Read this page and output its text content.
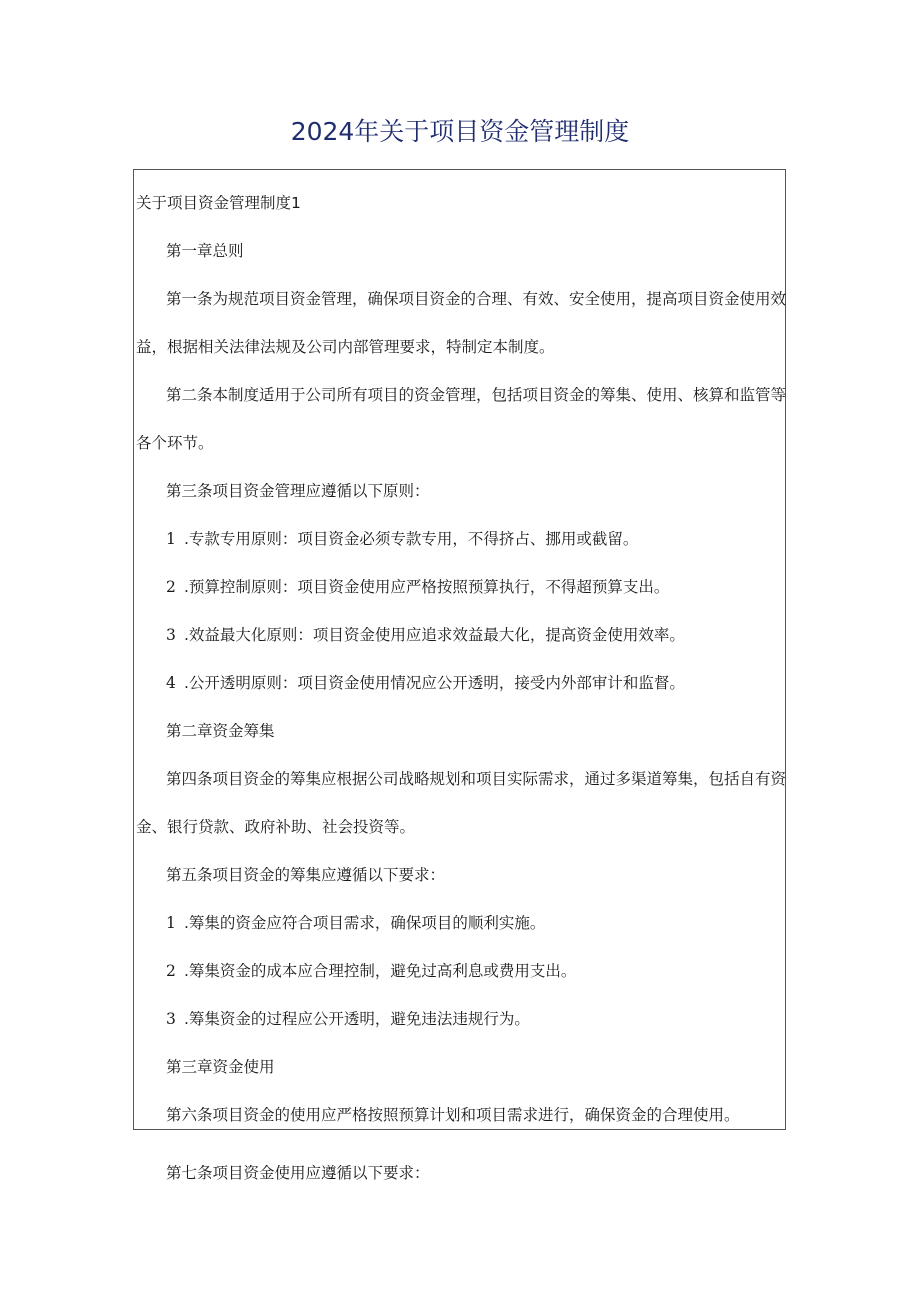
2024年关于项目资金管理制度
关于项目资金管理制度1
第一章总则
第一条为规范项目资金管理，确保项目资金的合理、有效、安全使用，提高项目资金使用效
益，根据相关法律法规及公司内部管理要求，特制定本制度。
第二条本制度适用于公司所有项目的资金管理，包括项目资金的筹集、使用、核算和监管等
各个环节。
第三条项目资金管理应遵循以下原则：
1 .专款专用原则：项目资金必须专款专用，不得挤占、挪用或截留。
2 .预算控制原则：项目资金使用应严格按照预算执行，不得超预算支出。
3 .效益最大化原则：项目资金使用应追求效益最大化，提高资金使用效率。
4 .公开透明原则：项目资金使用情况应公开透明，接受内外部审计和监督。
第二章资金筹集
第四条项目资金的筹集应根据公司战略规划和项目实际需求，通过多渠道筹集，包括自有资
金、银行贷款、政府补助、社会投资等。
第五条项目资金的筹集应遵循以下要求：
1 .筹集的资金应符合项目需求，确保项目的顺利实施。
2 .筹集资金的成本应合理控制，避免过高利息或费用支出。
3 .筹集资金的过程应公开透明，避免违法违规行为。
第三章资金使用
第六条项目资金的使用应严格按照预算计划和项目需求进行，确保资金的合理使用。
第七条项目资金使用应遵循以下要求：
